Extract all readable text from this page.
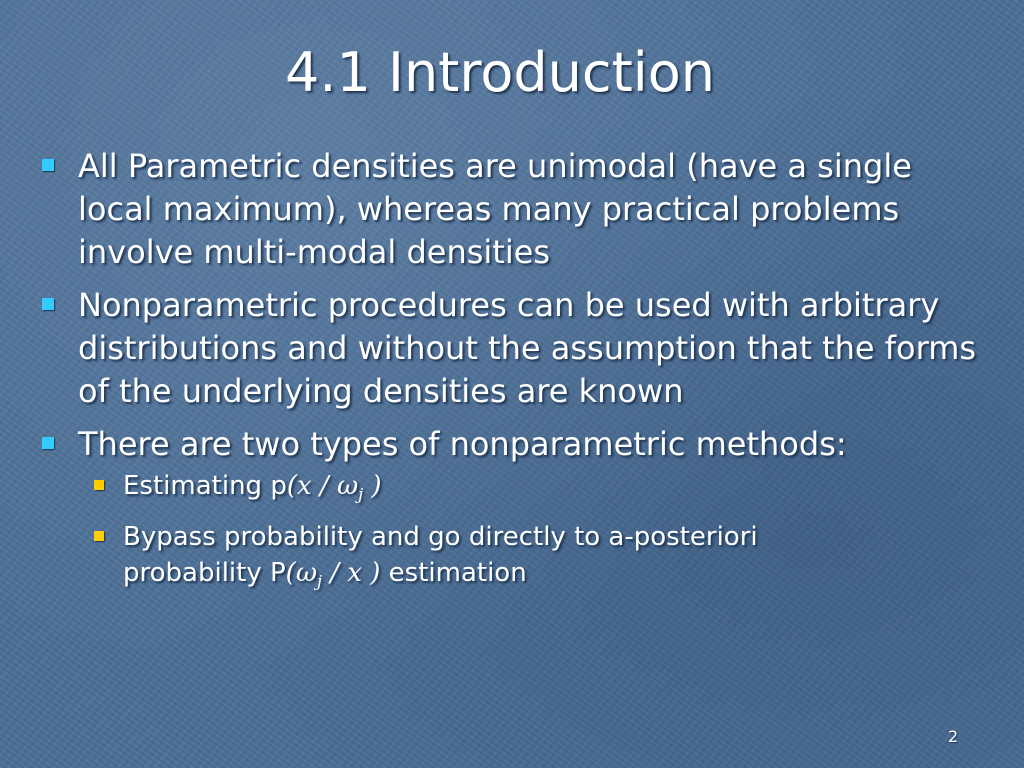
4.1 Introduction
All Parametric densities are unimodal (have a single local maximum), whereas many practical problems involve multi-modal densities
Nonparametric procedures can be used with arbitrary distributions and without the assumption that the forms of the underlying densities are known
There are two types of nonparametric methods:
Estimating $p(x / \omega_j$ )
Bypass probability and go directly to a-posteriori
probability $P(\omega_j$ / x ) estimation
2
